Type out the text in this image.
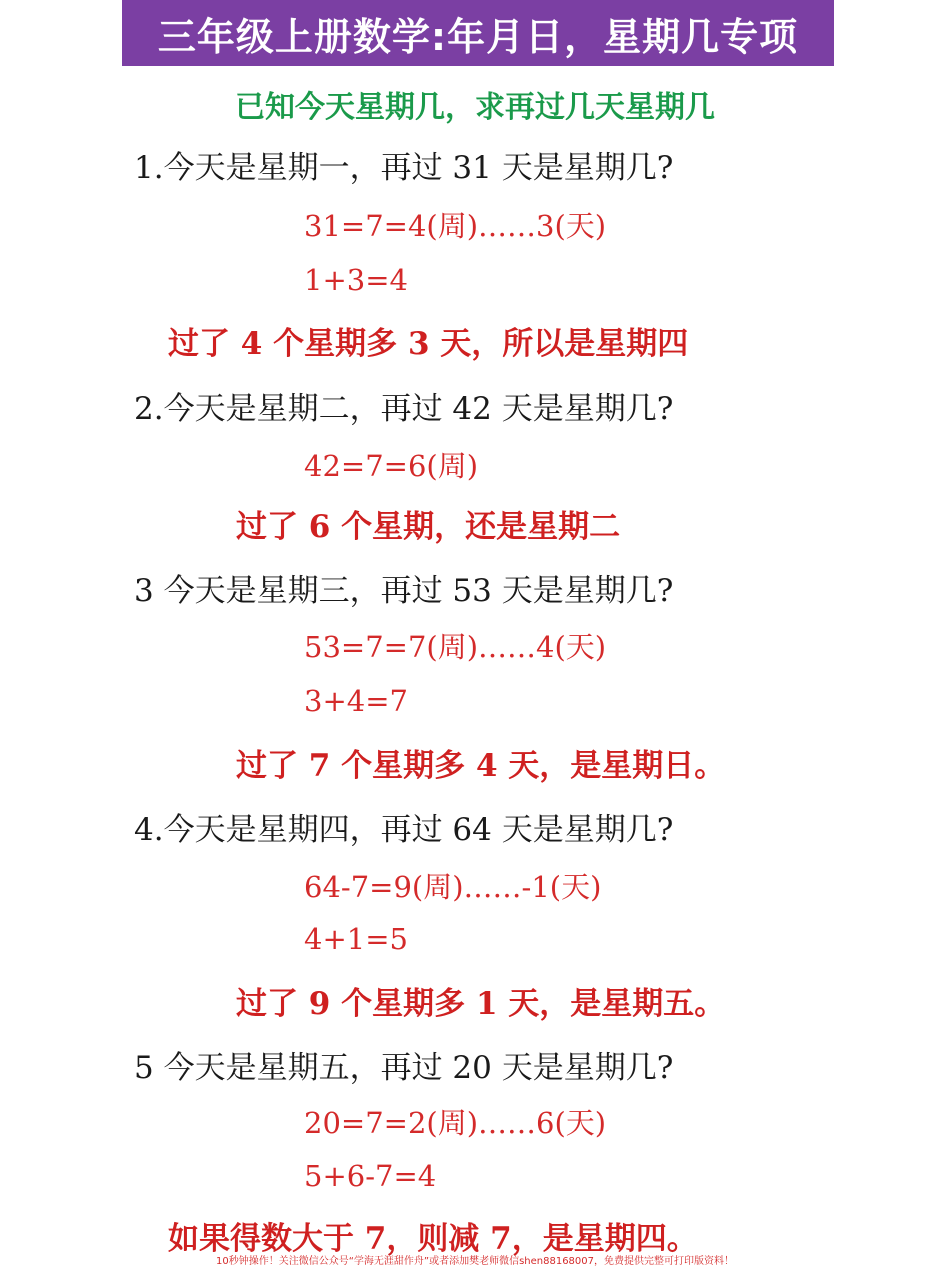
三年级上册数学:年月日，星期几专项
已知今天星期几，求再过几天星期几
1.今天是星期一，再过 31 天是星期几?
31=7=4(周)……3(天)
1+3=4
过了 4 个星期多 3 天，所以是星期四
2.今天是星期二，再过 42 天是星期几?
42=7=6(周)
过了 6 个星期，还是星期二
3 今天是星期三，再过 53 天是星期几?
53=7=7(周)……4(天)
3+4=7
过了 7 个星期多 4 天，是星期日。
4.今天是星期四，再过 64 天是星期几?
64-7=9(周)……-1(天)
4+1=5
过了 9 个星期多 1 天，是星期五。
5 今天是星期五，再过 20 天是星期几?
20=7=2(周)……6(天)
5+6-7=4
如果得数大于 7，则减 7，是星期四。
10秒钟操作！关注微信公众号“学海无涯甜作舟”或者添加樊老师微信shen88168007，免费提供完整可打印版资料！
